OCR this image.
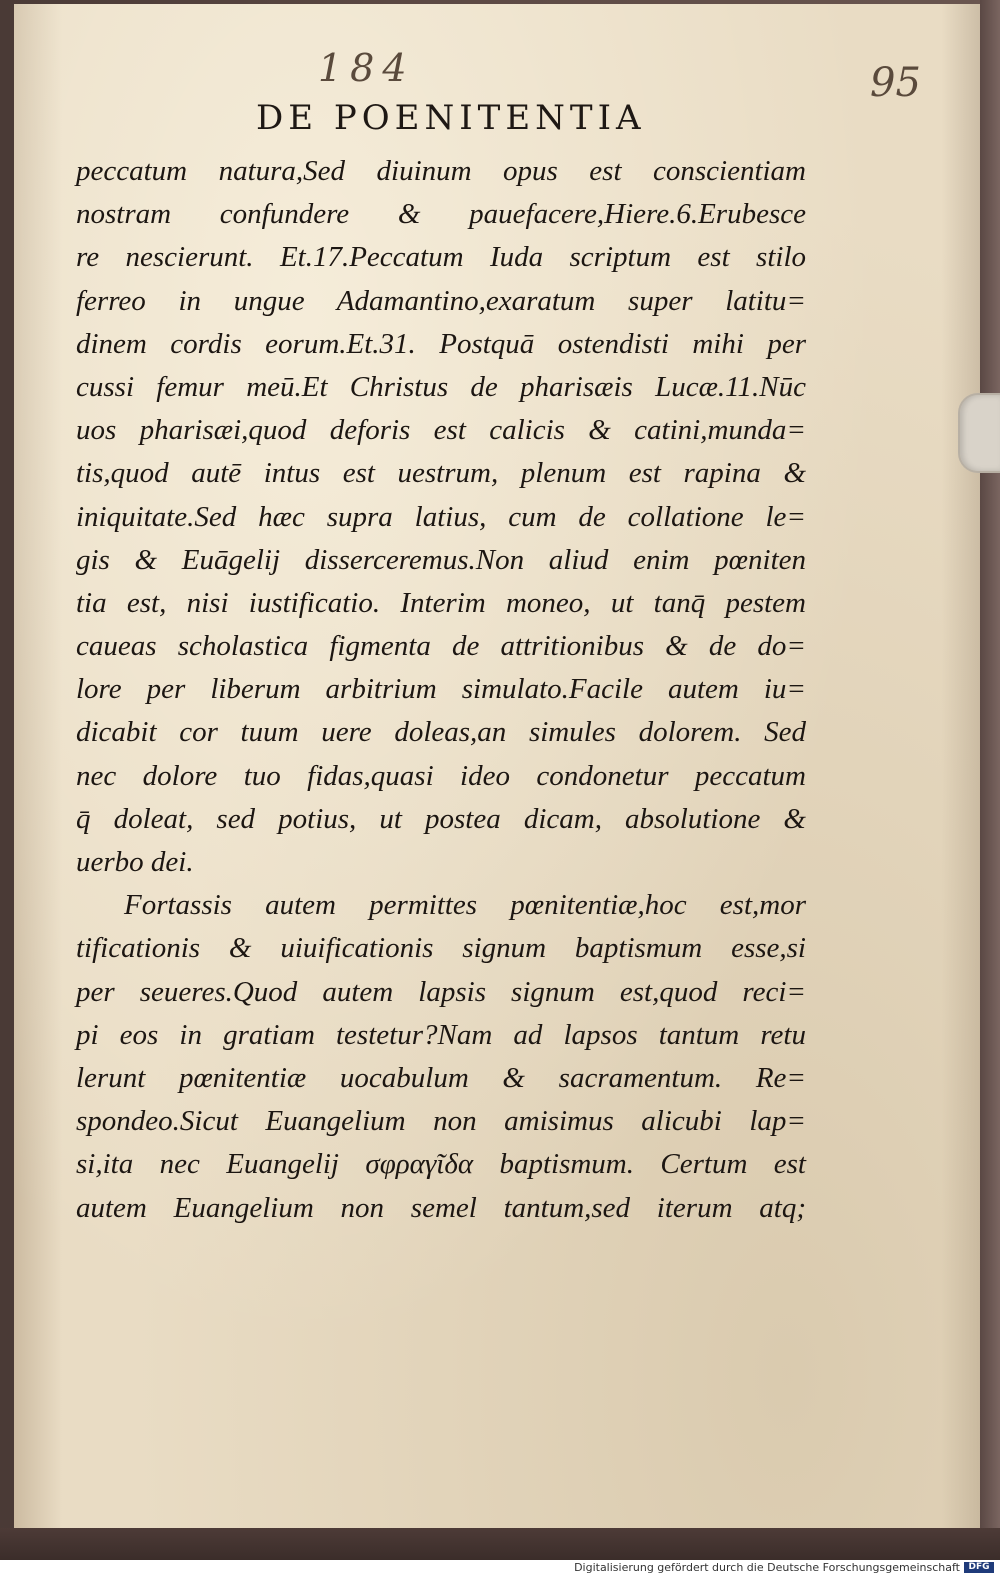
184	95
DE POENITENTIA
peccatum natura,Sed diuinum opus est conscientiam
nostram confundere & pauefacere,Hiere.6.Erubesce
re nescierunt. Et.17.Peccatum Iuda scriptum est stilo
ferreo in ungue Adamantino,exaratum super latitu=
dinem cordis eorum.Et.31. Postquā ostendisti mihi per
cussi femur meū.Et Christus de pharisæis Lucæ.11.Nūc
uos pharisæi,quod deforis est calicis & catini,munda=
tis,quod autē intus est uestrum, plenum est rapina &
iniquitate.Sed hæc supra latius, cum de collatione le=
gis & Euāgelij disserceremus.Non aliud enim pœniten
tia est, nisi iustificatio. Interim moneo, ut tanq̄ pestem
caueas scholastica figmenta de attritionibus & de do=
lore per liberum arbitrium simulato.Facile autem iu=
dicabit cor tuum uere doleas,an simules dolorem. Sed
nec dolore tuo fidas,quasi ideo condonetur peccatum
q̄ doleat, sed potius, ut postea dicam, absolutione &
uerbo dei.
Fortassis autem permittes pœnitentiæ,hoc est,mor
tificationis & uiuificationis signum baptismum esse,si
per seueres.Quod autem lapsis signum est,quod reci=
pi eos in gratiam testetur?Nam ad lapsos tantum retu
lerunt pœnitentiæ uocabulum & sacramentum. Re=
spondeo.Sicut Euangelium non amisimus alicubi lap=
si,ita nec Euangelij σφραγῖδα baptismum. Certum est
autem Euangelium non semel tantum,sed iterum atq;
Digitalisierung gefördert durch die Deutsche Forschungsgemeinschaft DFG
